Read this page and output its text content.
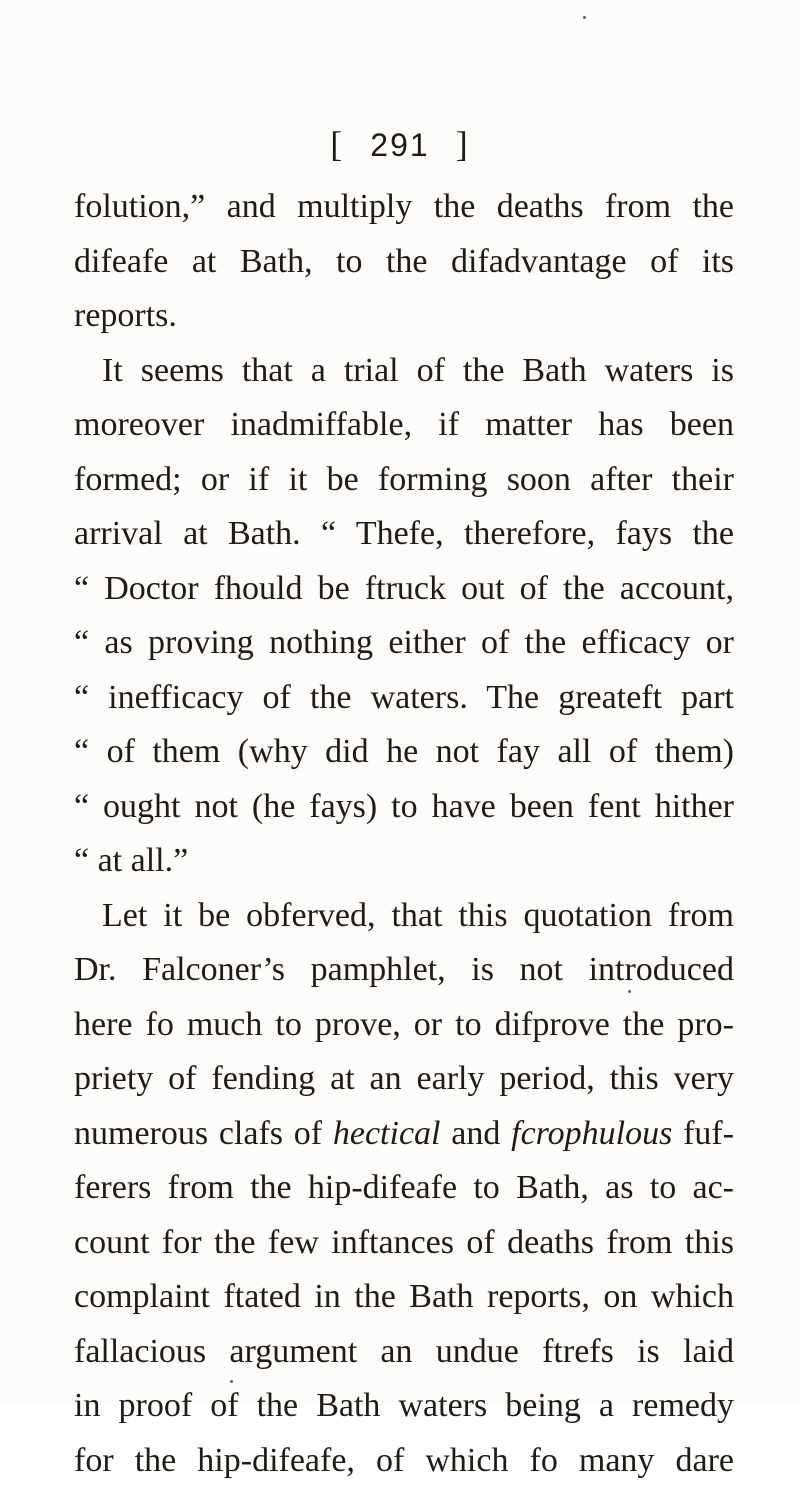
[ 291 ]
folution,” and multiply the deaths from the
difeafe at Bath, to the difadvantage of its
reports.
It seems that a trial of the Bath waters is
moreover inadmiffable, if matter has been
formed; or if it be forming soon after their
arrival at Bath. “ Thefe, therefore, fays the
“ Doctor fhould be ftruck out of the account,
“ as proving nothing either of the efficacy or
“ inefficacy of the waters. The greateft part
“ of them (why did he not fay all of them)
“ ought not (he fays) to have been fent hither
“ at all.”
Let it be obferved, that this quotation from
Dr. Falconer’s pamphlet, is not introduced
here fo much to prove, or to difprove the pro-
priety of fending at an early period, this very
numerous clafs of hectical and fcrophulous fuf-
ferers from the hip-difeafe to Bath, as to ac-
count for the few inftances of deaths from this
complaint ftated in the Bath reports, on which
fallacious argument an undue ftrefs is laid
in proof of the Bath waters being a remedy
for the hip-difeafe, of which fo many dare
